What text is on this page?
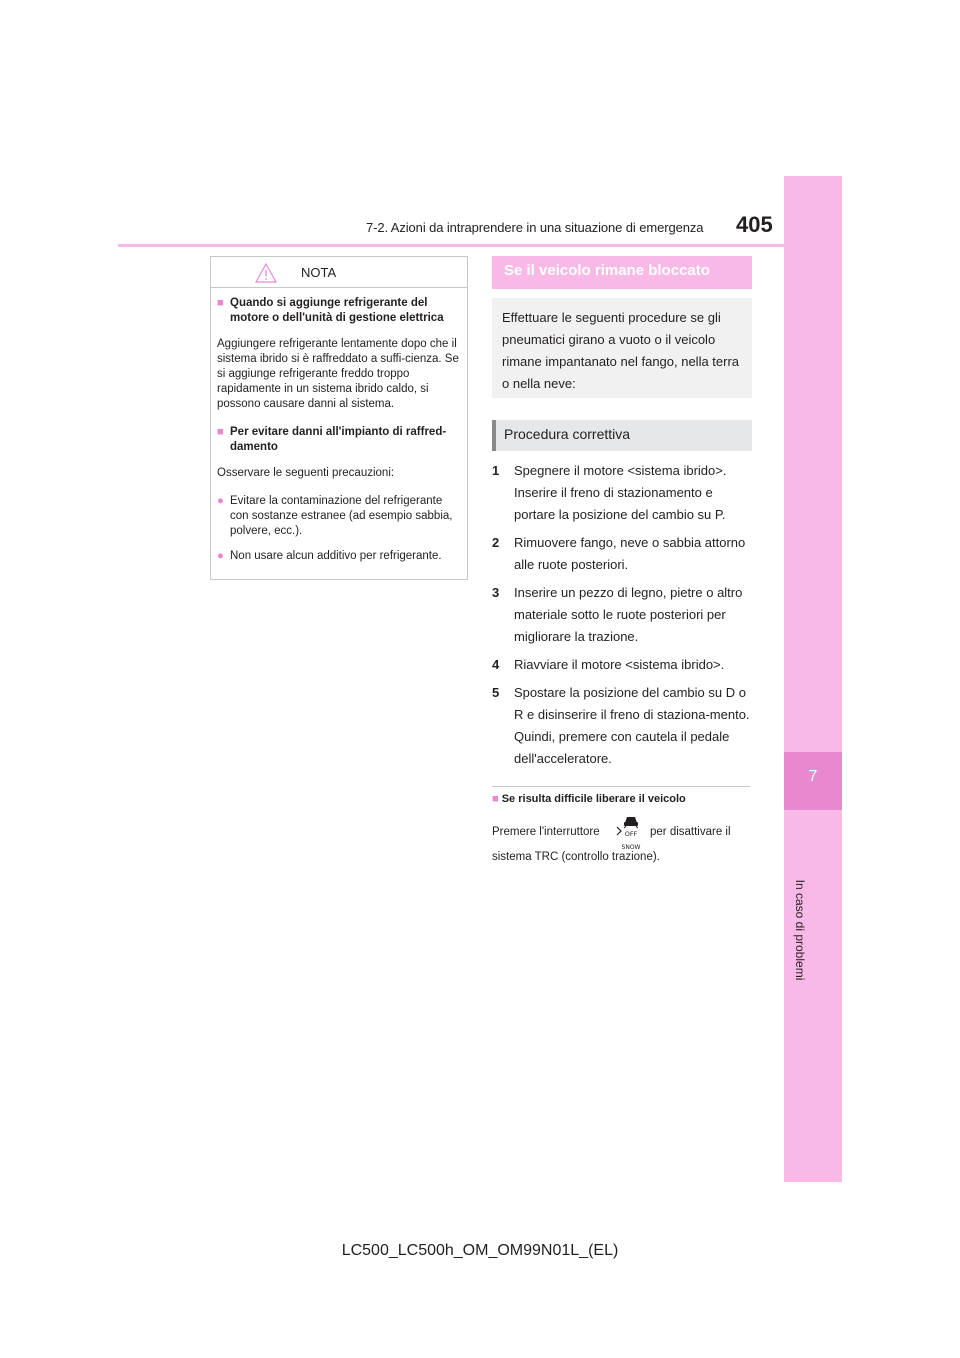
7
In caso di problemi
7-2. Azioni da intraprendere in una situazione di emergenza 405
NOTA
■ Quando si aggiunge refrigerante del motore o dell'unità di gestione elettrica
Aggiungere refrigerante lentamente dopo che il sistema ibrido si è raffreddato a suffi-cienza. Se si aggiunge refrigerante freddo troppo rapidamente in un sistema ibrido caldo, si possono causare danni al sistema.
■ Per evitare danni all'impianto di raffred-damento
Osservare le seguenti precauzioni:
● Evitare la contaminazione del refrigerante con sostanze estranee (ad esempio sabbia, polvere, ecc.).
● Non usare alcun additivo per refrigerante.
Se il veicolo rimane bloccato
Effettuare le seguenti procedure se gli pneumatici girano a vuoto o il veicolo rimane impantanato nel fango, nella terra o nella neve:
Procedura correttiva
1	Spegnere il motore <sistema ibrido>. Inserire il freno di stazionamento e portare la posizione del cambio su P.
2	Rimuovere fango, neve o sabbia attorno alle ruote posteriori.
3	Inserire un pezzo di legno, pietre o altro materiale sotto le ruote posteriori per migliorare la trazione.
4	Riavviare il motore <sistema ibrido>.
5	Spostare la posizione del cambio su D o R e disinserire il freno di staziona-mento. Quindi, premere con cautela il pedale dell'acceleratore.
■ Se risulta difficile liberare il veicolo
Premere l'interruttore	OFF
SNOW
per disattivare il
sistema TRC (controllo trazione).
LC500_LC500h_OM_OM99N01L_(EL)
